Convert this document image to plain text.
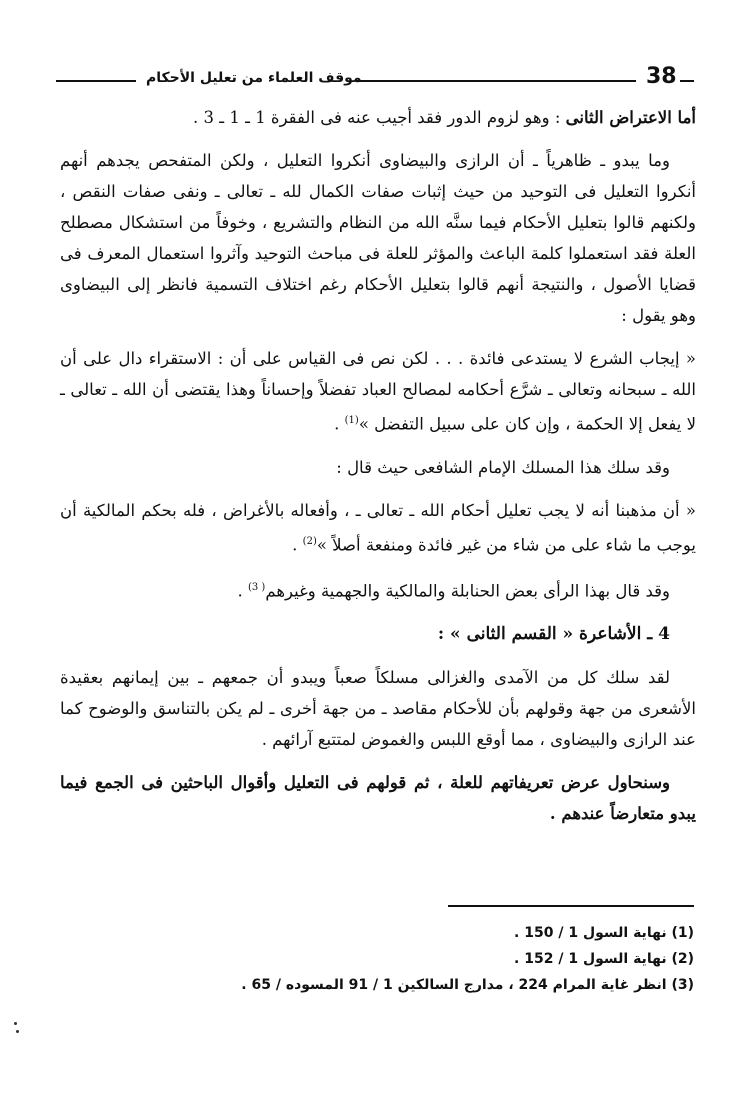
موقف العلماء من تعليل الأحكام	38

أما الاعتراض الثانى : وهو لزوم الدور فقد أجيب عنه فى الفقرة 1 ـ 1 ـ 3 .

وما يبدو ـ ظاهرياً ـ أن الرازى والبيضاوى أنكروا التعليل ، ولكن المتفحص يجدهم أنهم أنكروا التعليل فى التوحيد من حيث إثبات صفات الكمال لله ـ تعالى ـ ونفى صفات النقص ، ولكنهم قالوا بتعليل الأحكام فيما سنَّه الله من النظام والتشريع ، وخوفاً من استشكال مصطلح العلة فقد استعملوا كلمة الباعث والمؤثر للعلة فى مباحث التوحيد وآثروا استعمال المعرف فى قضايا الأصول ، والنتيجة أنهم قالوا بتعليل الأحكام رغم اختلاف التسمية فانظر إلى البيضاوى وهو يقول :

« إيجاب الشرع لا يستدعى فائدة . . . لكن نص فى القياس على أن : الاستقراء دال على أن الله ـ سبحانه وتعالى ـ شرَّع أحكامه لمصالح العباد تفضلاً وإحساناً وهذا يقتضى أن الله ـ تعالى ـ لا يفعل إلا الحكمة ، وإن كان على سبيل التفضل »$^{(1)}$ .

وقد سلك هذا المسلك الإمام الشافعى حيث قال :

« أن مذهبنا أنه لا يجب تعليل أحكام الله ـ تعالى ـ ، وأفعاله بالأغراض ، فله بحكم المالكية أن يوجب ما شاء على من شاء من غير فائدة ومنفعة أصلاً »$^{(2)}$ .

وقد قال بهذا الرأى بعض الحنابلة والمالكية والجهمية وغيرهم$^{( 3)}$ .

4 ـ الأشاعرة « القسم الثانى » :

لقد سلك كل من الآمدى والغزالى مسلكاً صعباً ويبدو أن جمعهم ـ بين إيمانهم بعقيدة الأشعرى من جهة وقولهم بأن للأحكام مقاصد ـ من جهة أخرى ـ لم يكن بالتناسق والوضوح كما عند الرازى والبيضاوى ، مما أوقع اللبس والغموض لمتتبع آرائهم .

وسنحاول عرض تعريفاتهم للعلة ، ثم قولهم فى التعليل وأقوال الباحثين فى الجمع فيما يبدو متعارضاً عندهم .

(1) نهاية السول 1 / 150 .
(2) نهاية السول 1 / 152 .
(3) انظر غاية المرام 224 ، مدارج السالكين 1 / 91 المسوده / 65 .
